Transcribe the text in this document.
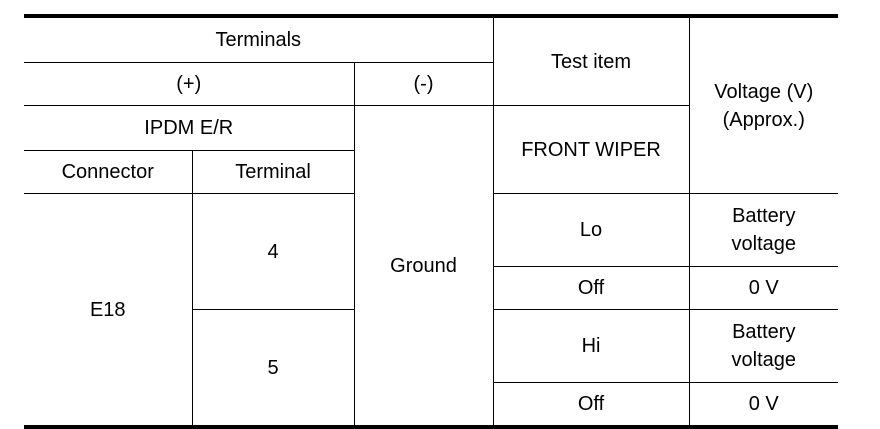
Terminals			Test item	Voltage (V)
(Approx.)

(+)		(-)		
IPDM E/R		Ground	FRONT WIPER	
Connector	Terminal			
E18	4		Lo	Battery
voltage

			Off	0 V
	5		Hi	Battery
voltage

			Off	0 V
